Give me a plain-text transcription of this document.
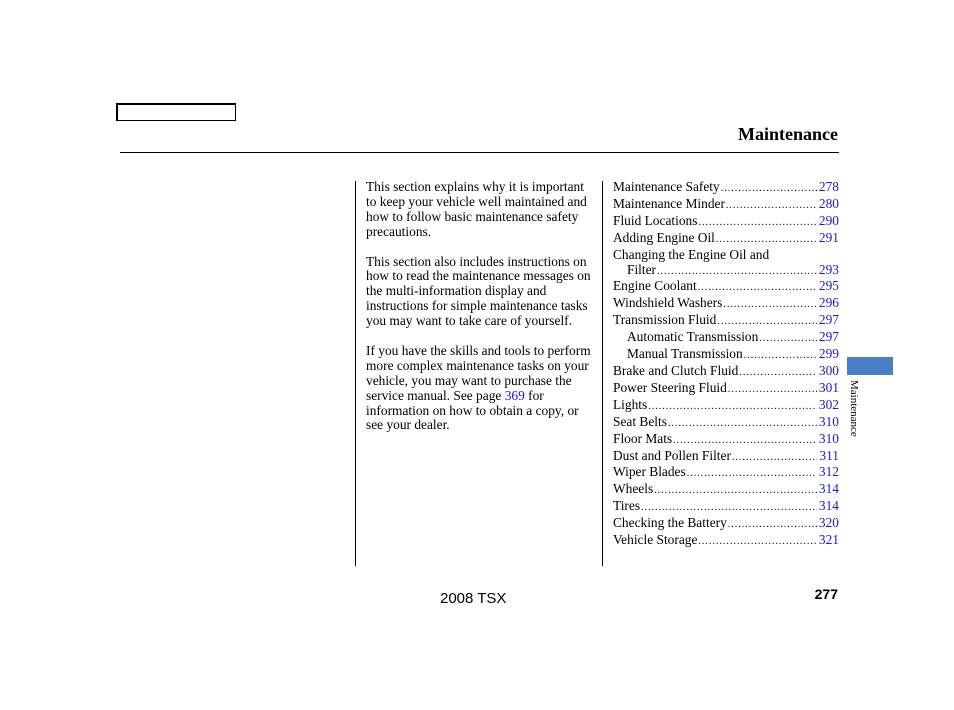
Maintenance

This section explains why it is important to keep your vehicle well maintained and how to follow basic maintenance safety precautions.

This section also includes instructions on how to read the maintenance messages on the multi-information display and instructions for simple maintenance tasks you may want to take care of yourself.

If you have the skills and tools to perform more complex maintenance tasks on your vehicle, you may want to purchase the service manual. See page 369 for information on how to obtain a copy, or see your dealer.

Maintenance Safety .....	278
Maintenance Minder .....	280
Fluid Locations .....	290
Adding Engine Oil .....	291
Changing the Engine Oil and
Filter .....	293
Engine Coolant .....	295
Windshield Washers .....	296
Transmission Fluid .....	297
Automatic Transmission .....	297
Manual Transmission .....	299
Brake and Clutch Fluid .....	300
Power Steering Fluid .....	301
Lights .....	302
Seat Belts .....	310
Floor Mats .....	310
Dust and Pollen Filter .....	311
Wiper Blades .....	312
Wheels .....	314
Tires .....	314
Checking the Battery .....	320
Vehicle Storage .....	321
Maintenance
2008 TSX	277
